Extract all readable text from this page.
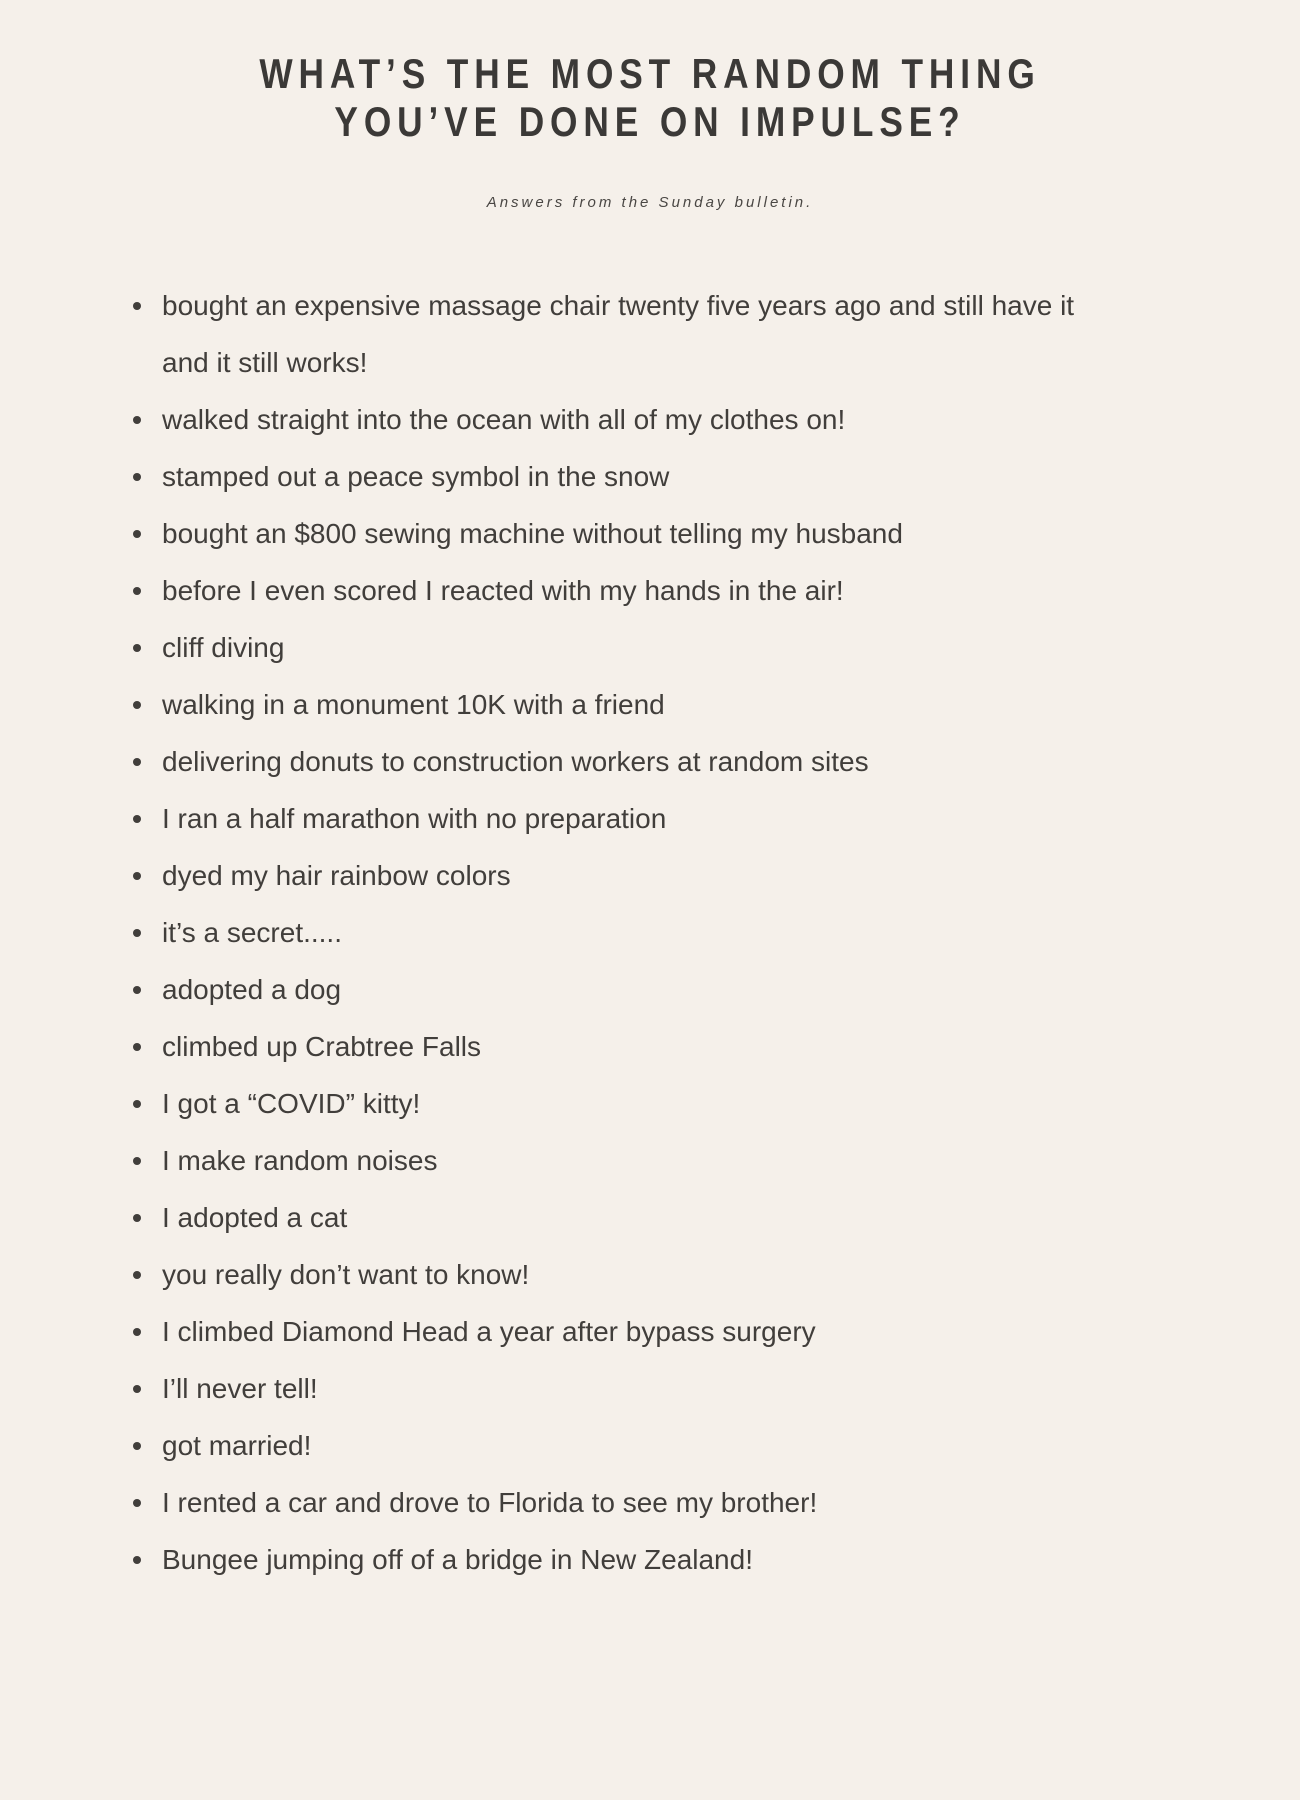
WHAT’S THE MOST RANDOM THING
YOU’VE DONE ON IMPULSE?

Answers from the Sunday bulletin.

bought an expensive massage chair twenty five years ago and still have it and it still works!
walked straight into the ocean with all of my clothes on!
stamped out a peace symbol in the snow
bought an $800 sewing machine without telling my husband
before I even scored I reacted with my hands in the air!
cliff diving
walking in a monument 10K with a friend
delivering donuts to construction workers at random sites
I ran a half marathon with no preparation
dyed my hair rainbow colors
it’s a secret.....
adopted a dog
climbed up Crabtree Falls
I got a “COVID” kitty!
I make random noises
I adopted a cat
you really don’t want to know!
I climbed Diamond Head a year after bypass surgery
I’ll never tell!
got married!
I rented a car and drove to Florida to see my brother!
Bungee jumping off of a bridge in New Zealand!
